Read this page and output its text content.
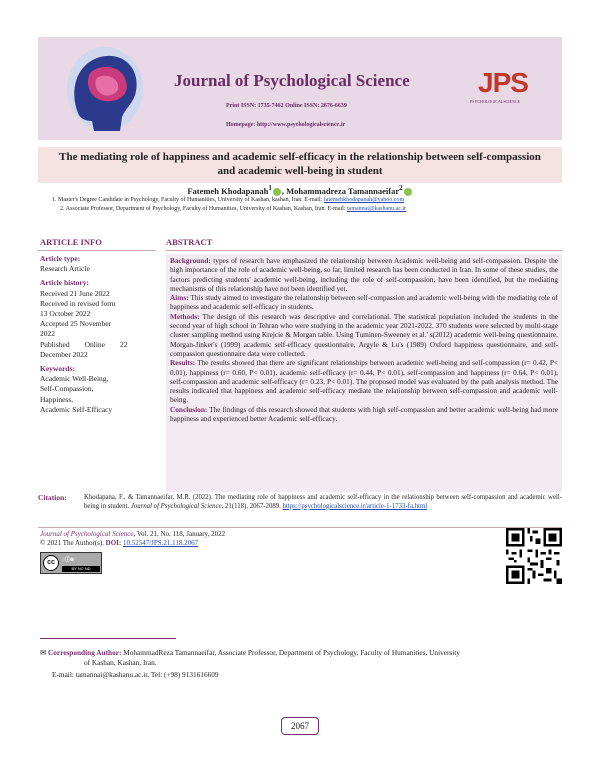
Journal of Psychological Science
Print ISSN: 1735-7462 Online ISSN: 2676-6639
Homepage: http://www.psychologicalscience.ir
JPS
PSYCHOLOGICALSCIENCE
The mediating role of happiness and academic self-efficacy in the relationship between self-compassion and academic well-being in student
Fatemeh Khodapanah$^1$ , Mohammadreza Tamannaeifar$^2$
1. Master's Degree Candidate in Psychology, Faculty of Humanities, University of Kashan, kashan, Iran. E-mail: fatemehkhodapanah@yahoo.com
2. Associate Professor, Department of Psychology, Faculty of Humanities, University of Kashan, Kashan, Iran. E-mail: tamannai@kashanu.ac.ir
ARTICLE INFO	ABSTRACT
Article type:
Research Article
Article history:
Received 21 June 2022
Received in revised form
13 October 2022
Accepted 25 November
2022
Published        Online        22
December 2022
Keywords:
Academic Well-Being,
Self-Compassion,
Happiness,
Academic Self-Efficacy
Background: types of research have emphasized the relationship between Academic well-being and self-compassion. Despite the high importance of the role of academic well-being, so far, limited research has been conducted in Iran. In some of these studies, the factors predicting students' academic well-being, including the role of self-compassion, have been identified, but the mediating mechanisms of this relationship have not been identified yet.
Aims: This study aimed to investigate the relationship between self-compassion and academic well-being with the mediating role of happiness and academic self-efficacy in students.
Methods: The design of this research was descriptive and correlational. The statistical population included the students in the second year of high school in Tehran who were studying in the academic year 2021-2022. 370 students were selected by multi-stage cluster sampling method using Krejcie & Morgan table. Using Tuminen-Sweeney et al.' s(2012) academic well-being questionnaire, Morgan-Jinker's (1999) academic self-efficacy questionnaire, Argyle & Lu's (1989) Oxford happiness questionnaire, and self-compassion questionnaire data were collected.
Results: The results showed that there are significant relationships between academic well-being and self-compassion (r= 0.42, P< 0.01), happiness (r= 0.60, P< 0.01), academic self-efficacy (r= 0.44, P< 0.01), self-compassion and happiness (r= 0.64, P< 0.01), self-compassion and academic self-efficacy (r= 0.23, P< 0.01). The proposed model was evaluated by the path analysis method. The results indicated that happiness and academic self-efficacy mediate the relationship between self-compassion and academic well-being.
Conclusion: The findings of this research showed that students with high self-compassion and better academic well-being had more happiness and experienced better Academic self-efficacy.
Citation:	Khodapana, F., & Tamannaeifar, M.R. (2022). The mediating role of happiness and academic self-efficacy in the relationship between self-compassion and academic well-being in student. Journal of Psychological Science, 21(118), 2067-2089. https://psychologicalscience.ir/article-1-1733-fa.html
Journal of Psychological Science, Vol. 21, No. 118, January, 2022
© 2021 The Author(s). DOI: 10.52547/JPS.21.118.2067
cc	○ⓘ⊜
BY NC ND
✉ Corresponding Author: MohammadReza Tamannaeifar, Associate Professor, Department of Psychology, Faculty of Humanities, University
of Kashan, Kashan, Iran.
E-mail: tamannai@kashanu.ac.ir, Tel: (+98) 9131616609
2067
